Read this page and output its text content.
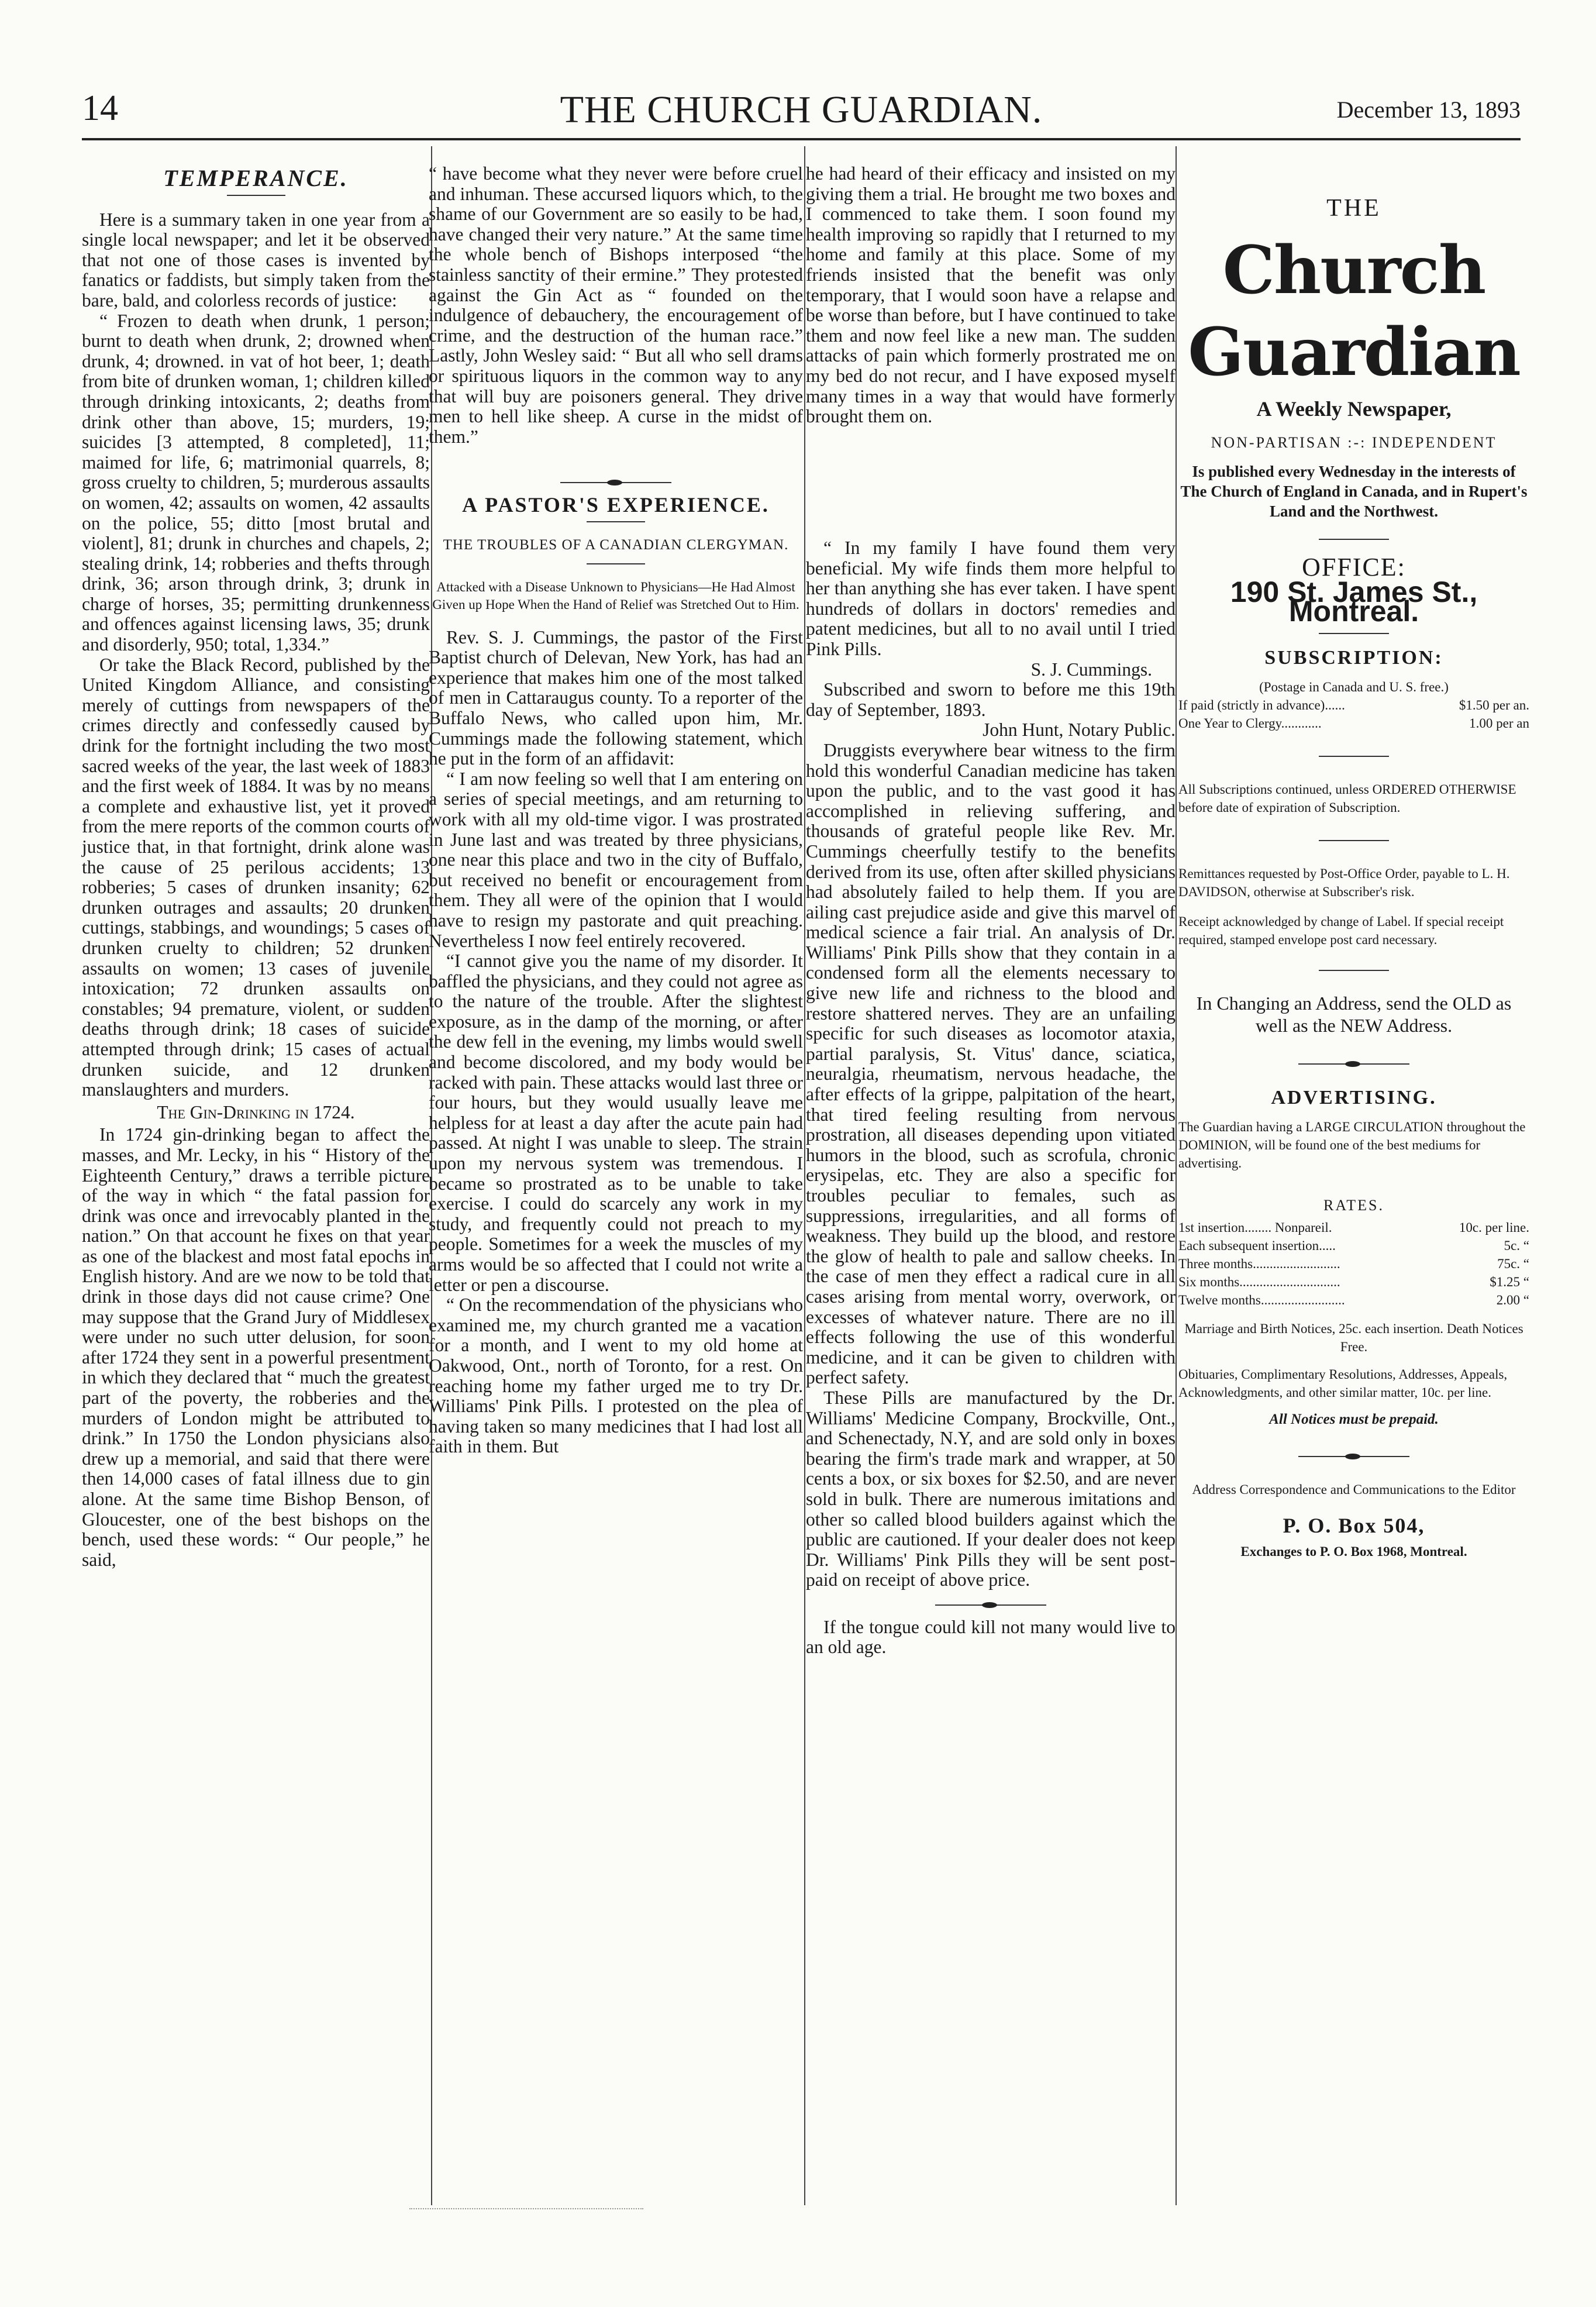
14	THE CHURCH GUARDIAN.	December 13, 1893
TEMPERANCE.

Here is a summary taken in one year from a single local newspaper; and let it be observed that not one of those cases is invented by fanatics or faddists, but simply taken from the bare, bald, and colorless records of justice:

“ Frozen to death when drunk, 1 person; burnt to death when drunk, 2; drowned when drunk, 4; drowned. in vat of hot beer, 1; death from bite of drunken woman, 1; children killed through drinking intoxicants, 2; deaths from drink other than above, 15; murders, 19; suicides [3 attempted, 8 completed], 11; maimed for life, 6; matrimonial quarrels, 8; gross cruelty to children, 5; murderous assaults on women, 42; assaults on women, 42 assaults on the police, 55; ditto [most brutal and violent], 81; drunk in churches and chapels, 2; stealing drink, 14; robberies and thefts through drink, 36; arson through drink, 3; drunk in charge of horses, 35; permitting drunkenness and offences against licensing laws, 35; drunk and disorderly, 950; total, 1,334.”

Or take the Black Record, published by the United Kingdom Alliance, and consisting merely of cuttings from newspapers of the crimes directly and confessedly caused by drink for the fortnight including the two most sacred weeks of the year, the last week of 1883 and the first week of 1884. It was by no means a complete and exhaustive list, yet it proved from the mere reports of the common courts of justice that, in that fortnight, drink alone was the cause of 25 perilous accidents; 13 robberies; 5 cases of drunken insanity; 62 drunken outrages and assaults; 20 drunken cuttings, stabbings, and woundings; 5 cases of drunken cruelty to children; 52 drunken assaults on women; 13 cases of juvenile intoxication; 72 drunken assaults on constables; 94 premature, violent, or sudden deaths through drink; 18 cases of suicide attempted through drink; 15 cases of actual drunken suicide, and 12 drunken manslaughters and murders.

The Gin-Drinking in 1724.

In 1724 gin-drinking began to affect the masses, and Mr. Lecky, in his “ History of the Eighteenth Century,” draws a terrible picture of the way in which “ the fatal passion for drink was once and irrevocably planted in the nation.” On that account he fixes on that year as one of the blackest and most fatal epochs in English history. And are we now to be told that drink in those days did not cause crime? One may suppose that the Grand Jury of Middlesex were under no such utter delusion, for soon after 1724 they sent in a powerful presentment in which they declared that “ much the greatest part of the poverty, the robberies and the murders of London might be attributed to drink.” In 1750 the London physicians also drew up a memorial, and said that there were then 14,000 cases of fatal illness due to gin alone. At the same time Bishop Benson, of Gloucester, one of the best bishops on the bench, used these words: “ Our people,” he said,

“ have become what they never were before cruel and inhuman. These accursed liquors which, to the shame of our Government are so easily to be had, have changed their very nature.” At the same time the whole bench of Bishops interposed “the stainless sanctity of their ermine.” They protested against the Gin Act as “ founded on the indulgence of debauchery, the encouragement of crime, and the destruction of the human race.” Lastly, John Wesley said: “ But all who sell drams or spirituous liquors in the common way to any that will buy are poisoners general. They drive men to hell like sheep. A curse in the midst of them.”

A PASTOR'S EXPERIENCE.
THE TROUBLES OF A CANADIAN CLERGYMAN.
Attacked with a Disease Unknown to Physicians—He Had Almost Given up Hope When the Hand of Relief was Stretched Out to Him.

Rev. S. J. Cummings, the pastor of the First Baptist church of Delevan, New York, has had an experience that makes him one of the most talked of men in Cattaraugus county. To a reporter of the Buffalo News, who called upon him, Mr. Cummings made the following statement, which he put in the form of an affidavit:

“ I am now feeling so well that I am entering on a series of special meetings, and am returning to work with all my old-time vigor. I was prostrated in June last and was treated by three physicians, one near this place and two in the city of Buffalo, but received no benefit or encouragement from them. They all were of the opinion that I would have to resign my pastorate and quit preaching. Nevertheless I now feel entirely recovered.

“I cannot give you the name of my disorder. It baffled the physicians, and they could not agree as to the nature of the trouble. After the slightest exposure, as in the damp of the morning, or after the dew fell in the evening, my limbs would swell and become discolored, and my body would be racked with pain. These attacks would last three or four hours, but they would usually leave me helpless for at least a day after the acute pain had passed. At night I was unable to sleep. The strain upon my nervous system was tremendous. I became so prostrated as to be unable to take exercise. I could do scarcely any work in my study, and frequently could not preach to my people. Sometimes for a week the muscles of my arms would be so affected that I could not write a letter or pen a discourse.

“ On the recommendation of the physicians who examined me, my church granted me a vacation for a month, and I went to my old home at Oakwood, Ont., north of Toronto, for a rest. On reaching home my father urged me to try Dr. Williams' Pink Pills. I protested on the plea of having taken so many medicines that I had lost all faith in them. But

he had heard of their efficacy and insisted on my giving them a trial. He brought me two boxes and I commenced to take them. I soon found my health improving so rapidly that I returned to my home and family at this place. Some of my friends insisted that the benefit was only temporary, that I would soon have a relapse and be worse than before, but I have continued to take them and now feel like a new man. The sudden attacks of pain which formerly prostrated me on my bed do not recur, and I have exposed myself many times in a way that would have formerly brought them on.

“ In my family I have found them very beneficial. My wife finds them more helpful to her than anything she has ever taken. I have spent hundreds of dollars in doctors' remedies and patent medicines, but all to no avail until I tried Pink Pills.

S. J. Cummings.

Subscribed and sworn to before me this 19th day of September, 1893.

John Hunt, Notary Public.

Druggists everywhere bear witness to the firm hold this wonderful Canadian medicine has taken upon the public, and to the vast good it has accomplished in relieving suffering, and thousands of grateful people like Rev. Mr. Cummings cheerfully testify to the benefits derived from its use, often after skilled physicians had absolutely failed to help them. If you are ailing cast prejudice aside and give this marvel of medical science a fair trial. An analysis of Dr. Williams' Pink Pills show that they contain in a condensed form all the elements necessary to give new life and richness to the blood and restore shattered nerves. They are an unfailing specific for such diseases as locomotor ataxia, partial paralysis, St. Vitus' dance, sciatica, neuralgia, rheumatism, nervous headache, the after effects of la grippe, palpitation of the heart, that tired feeling resulting from nervous prostration, all diseases depending upon vitiated humors in the blood, such as scrofula, chronic erysipelas, etc. They are also a specific for troubles peculiar to females, such as suppressions, irregularities, and all forms of weakness. They build up the blood, and restore the glow of health to pale and sallow cheeks. In the case of men they effect a radical cure in all cases arising from mental worry, overwork, or excesses of whatever nature. There are no ill effects following the use of this wonderful medicine, and it can be given to children with perfect safety.

These Pills are manufactured by the Dr. Williams' Medicine Company, Brockville, Ont., and Schenectady, N.Y, and are sold only in boxes bearing the firm's trade mark and wrapper, at 50 cents a box, or six boxes for $2.50, and are never sold in bulk. There are numerous imitations and other so called blood builders against which the public are cautioned. If your dealer does not keep Dr. Williams' Pink Pills they will be sent post-paid on receipt of above price.

If the tongue could kill not many would live to an old age.

THE
Church Guardian
A Weekly Newspaper,
NON-PARTISAN :-: INDEPENDENT
Is published every Wednesday in the interests of The Church of England in Canada, and in Rupert's Land and the Northwest.
OFFICE:
190 St. James St., Montreal.
SUBSCRIPTION:
(Postage in Canada and U. S. free.)
If paid (strictly in advance)......	$1.50 per an.
One Year to Clergy............	1.00 per an
All Subscriptions continued, unless ORDERED OTHERWISE before date of expiration of Subscription.
Remittances requested by Post-Office Order, payable to L. H. DAVIDSON, otherwise at Subscriber's risk.
Receipt acknowledged by change of Label. If special receipt required, stamped envelope post card necessary.
In Changing an Address, send the OLD as well as the NEW Address.
ADVERTISING.
The Guardian having a LARGE CIRCULATION throughout the DOMINION, will be found one of the best mediums for advertising.
RATES.
1st insertion........ Nonpareil.	10c. per line.
Each subsequent insertion.....	5c. “
Three months..........................	75c. “
Six months..............................	$1.25 “
Twelve months.........................	2.00 “
Marriage and Birth Notices, 25c. each insertion. Death Notices Free.
Obituaries, Complimentary Resolutions, Addresses, Appeals, Acknowledgments, and other similar matter, 10c. per line.
All Notices must be prepaid.
Address Correspondence and Communications to the Editor
P. O. Box 504,
Exchanges to P. O. Box 1968, Montreal.
